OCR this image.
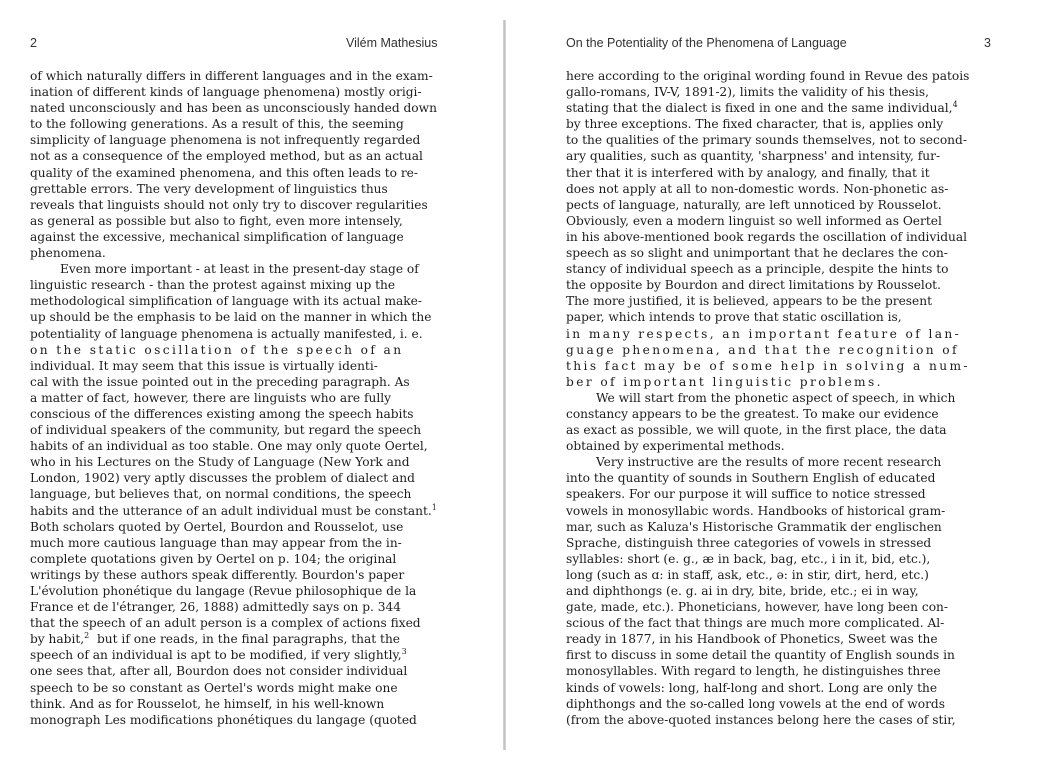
2	Vilém Mathesius
of which naturally differs in different languages and in the exam-
ination of different kinds of language phenomena) mostly origi-
nated unconsciously and has been as unconsciously handed down
to the following generations. As a result of this, the seeming
simplicity of language phenomena is not infrequently regarded
not as a consequence of the employed method, but as an actual
quality of the examined phenomena, and this often leads to re-
grettable errors. The very development of linguistics thus
reveals that linguists should not only try to discover regularities
as general as possible but also to fight, even more intensely,
against the excessive, mechanical simplification of language
phenomena.
Even more important - at least in the present-day stage of
linguistic research - than the protest against mixing up the
methodological simplification of language with its actual make-
up should be the emphasis to be laid on the manner in which the
potentiality of language phenomena is actually manifested, i. e.
on the static oscillation of the speech of an
individual. It may seem that this issue is virtually identi-
cal with the issue pointed out in the preceding paragraph. As
a matter of fact, however, there are linguists who are fully
conscious of the differences existing among the speech habits
of individual speakers of the community, but regard the speech
habits of an individual as too stable. One may only quote Oertel,
who in his Lectures on the Study of Language (New York and
London, 1902) very aptly discusses the problem of dialect and
language, but believes that, on normal conditions, the speech
habits and the utterance of an adult individual must be constant.$^1$
Both scholars quoted by Oertel, Bourdon and Rousselot, use
much more cautious language than may appear from the in-
complete quotations given by Oertel on p. 104; the original
writings by these authors speak differently. Bourdon's paper
L'évolution phonétique du langage (Revue philosophique de la
France et de l'étranger, 26, 1888) admittedly says on p. 344
that the speech of an adult person is a complex of actions fixed
by habit,$^2$ but if one reads, in the final paragraphs, that the
speech of an individual is apt to be modified, if very slightly,$^3$
one sees that, after all, Bourdon does not consider individual
speech to be so constant as Oertel's words might make one
think. And as for Rousselot, he himself, in his well-known
monograph Les modifications phonétiques du langage (quoted
On the Potentiality of the Phenomena of Language	3
here according to the original wording found in Revue des patois
gallo-romans, IV-V, 1891-2), limits the validity of his thesis,
stating that the dialect is fixed in one and the same individual,$^4$
by three exceptions. The fixed character, that is, applies only
to the qualities of the primary sounds themselves, not to second-
ary qualities, such as quantity, 'sharpness' and intensity, fur-
ther that it is interfered with by analogy, and finally, that it
does not apply at all to non-domestic words. Non-phonetic as-
pects of language, naturally, are left unnoticed by Rousselot.
Obviously, even a modern linguist so well informed as Oertel
in his above-mentioned book regards the oscillation of individual
speech as so slight and unimportant that he declares the con-
stancy of individual speech as a principle, despite the hints to
the opposite by Bourdon and direct limitations by Rousselot.
The more justified, it is believed, appears to be the present
paper, which intends to prove that static oscillation is,
in many respects, an important feature of lan-
guage phenomena, and that the recognition of
this fact may be of some help in solving a num-
ber of important linguistic problems.
We will start from the phonetic aspect of speech, in which
constancy appears to be the greatest. To make our evidence
as exact as possible, we will quote, in the first place, the data
obtained by experimental methods.
Very instructive are the results of more recent research
into the quantity of sounds in Southern English of educated
speakers. For our purpose it will suffice to notice stressed
vowels in monosyllabic words. Handbooks of historical gram-
mar, such as Kaluza's Historische Grammatik der englischen
Sprache, distinguish three categories of vowels in stressed
syllables: short (e. g., æ in back, bag, etc., i in it, bid, etc.),
long (such as ɑ: in staff, ask, etc., ə: in stir, dirt, herd, etc.)
and diphthongs (e. g. ai in dry, bite, bride, etc.; ei in way,
gate, made, etc.). Phoneticians, however, have long been con-
scious of the fact that things are much more complicated. Al-
ready in 1877, in his Handbook of Phonetics, Sweet was the
first to discuss in some detail the quantity of English sounds in
monosyllables. With regard to length, he distinguishes three
kinds of vowels: long, half-long and short. Long are only the
diphthongs and the so-called long vowels at the end of words
(from the above-quoted instances belong here the cases of stir,
